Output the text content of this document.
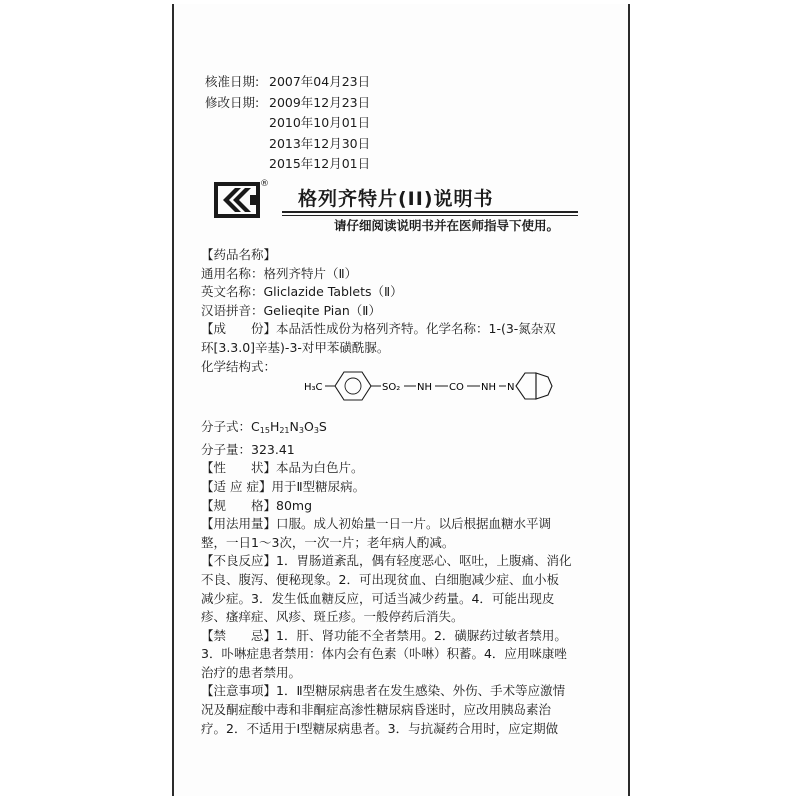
核准日期: 2007年04月23日
修改日期: 2009年12月23日
2010年10月01日
2013年12月30日
2015年12月01日
®
格列齐特片(II)说明书
请仔细阅读说明书并在医师指导下使用。

【药品名称】

通用名称：格列齐特片（Ⅱ）

英文名称：Gliclazide Tablets（Ⅱ）

汉语拼音：Gelieqite Pian（Ⅱ）

【成　　份】本品活性成份为格列齐特。化学名称：1-(3-氮杂双

环[3.3.0]辛基)-3-对甲苯磺酰脲。

化学结构式：

分子式：$C_{15}H_{21}N_3O_3S$

分子量：323.41

【性　　状】本品为白色片。

【适 应 症】用于Ⅱ型糖尿病。

【规　　格】80mg

【用法用量】口服。成人初始量一日一片。以后根据血糖水平调

整，一日1～3次，一次一片；老年病人酌减。

【不良反应】1．胃肠道紊乱，偶有轻度恶心、呕吐，上腹痛、消化

不良、腹泻、便秘现象。2．可出现贫血、白细胞减少症、血小板

减少症。3．发生低血糖反应，可适当减少药量。4．可能出现皮

疹、瘙痒症、风疹、斑丘疹。一般停药后消失。

【禁　　忌】1．肝、肾功能不全者禁用。2．磺脲药过敏者禁用。

3．卟啉症患者禁用：体内会有色素（卟啉）积蓄。4．应用咪康唑

治疗的患者禁用。

【注意事项】1．Ⅱ型糖尿病患者在发生感染、外伤、手术等应激情

况及酮症酸中毒和非酮症高渗性糖尿病昏迷时，应改用胰岛素治

疗。2．不适用于Ⅰ型糖尿病患者。3．与抗凝药合用时，应定期做

H₃C	SO₂ NH CO NH N
